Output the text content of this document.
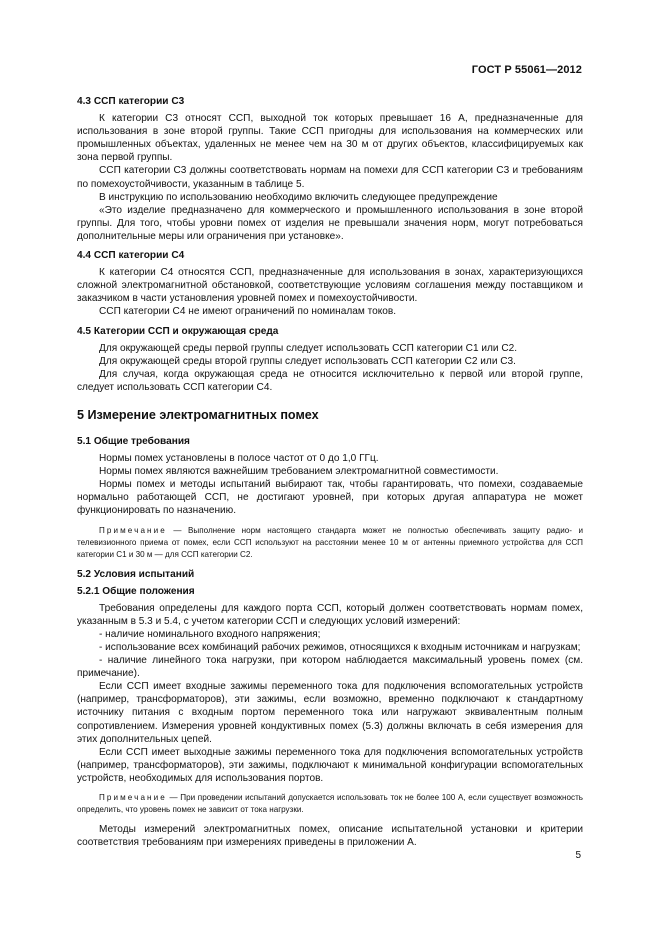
ГОСТ Р 55061—2012

4.3 ССП категории С3

К категории С3 относят ССП, выходной ток которых превышает 16 А, предназначенные для использования в зоне второй группы. Такие ССП пригодны для использования на коммерческих или промышленных объектах, удаленных не менее чем на 30 м от других объектов, классифицируемых как зона первой группы.

ССП категории С3 должны соответствовать нормам на помехи для ССП категории С3 и требованиям по помехоустойчивости, указанным в таблице 5.

В инструкцию по использованию необходимо включить следующее предупреждение

«Это изделие предназначено для коммерческого и промышленного использования в зоне второй группы. Для того, чтобы уровни помех от изделия не превышали значения норм, могут потребоваться дополнительные меры или ограничения при установке».

4.4 ССП категории С4

К категории С4 относятся ССП, предназначенные для использования в зонах, характеризующихся сложной электромагнитной обстановкой, соответствующие условиям соглашения между поставщиком и заказчиком в части установления уровней помех и помехоустойчивости.

ССП категории С4 не имеют ограничений по номиналам токов.

4.5 Категории ССП и окружающая среда

Для окружающей среды первой группы следует использовать ССП категории С1 или С2.

Для окружающей среды второй группы следует использовать ССП категории С2 или С3.

Для случая, когда окружающая среда не относится исключительно к первой или второй группе, следует использовать ССП категории С4.

5 Измерение электромагнитных помех

5.1 Общие требования

Нормы помех установлены в полосе частот от 0 до 1,0 ГГц.

Нормы помех являются важнейшим требованием электромагнитной совместимости.

Нормы помех и методы испытаний выбирают так, чтобы гарантировать, что помехи, создаваемые нормально работающей ССП, не достигают уровней, при которых другая аппаратура не может функционировать по назначению.

Примечание — Выполнение норм настоящего стандарта может не полностью обеспечивать защиту радио- и телевизионного приема от помех, если ССП используют на расстоянии менее 10 м от антенны приемного устройства для ССП категории С1 и 30 м — для ССП категории С2.

5.2 Условия испытаний

5.2.1 Общие положения

Требования определены для каждого порта ССП, который должен соответствовать нормам помех, указанным в 5.3 и 5.4, с учетом категории ССП и следующих условий измерений:

- наличие номинального входного напряжения;

- использование всех комбинаций рабочих режимов, относящихся к входным источникам и нагрузкам;

- наличие линейного тока нагрузки, при котором наблюдается максимальный уровень помех (см. примечание).

Если ССП имеет входные зажимы переменного тока для подключения вспомогательных устройств (например, трансформаторов), эти зажимы, если возможно, временно подключают к стандартному источнику питания с входным портом переменного тока или нагружают эквивалентным полным сопротивлением. Измерения уровней кондуктивных помех (5.3) должны включать в себя измерения для этих дополнительных цепей.

Если ССП имеет выходные зажимы переменного тока для подключения вспомогательных устройств (например, трансформаторов), эти зажимы, подключают к минимальной конфигурации вспомогательных устройств, необходимых для использования портов.

Примечание — При проведении испытаний допускается использовать ток не более 100 А, если существует возможность определить, что уровень помех не зависит от тока нагрузки.

Методы измерений электромагнитных помех, описание испытательной установки и критерии соответствия требованиям при измерениях приведены в приложении А.

5
